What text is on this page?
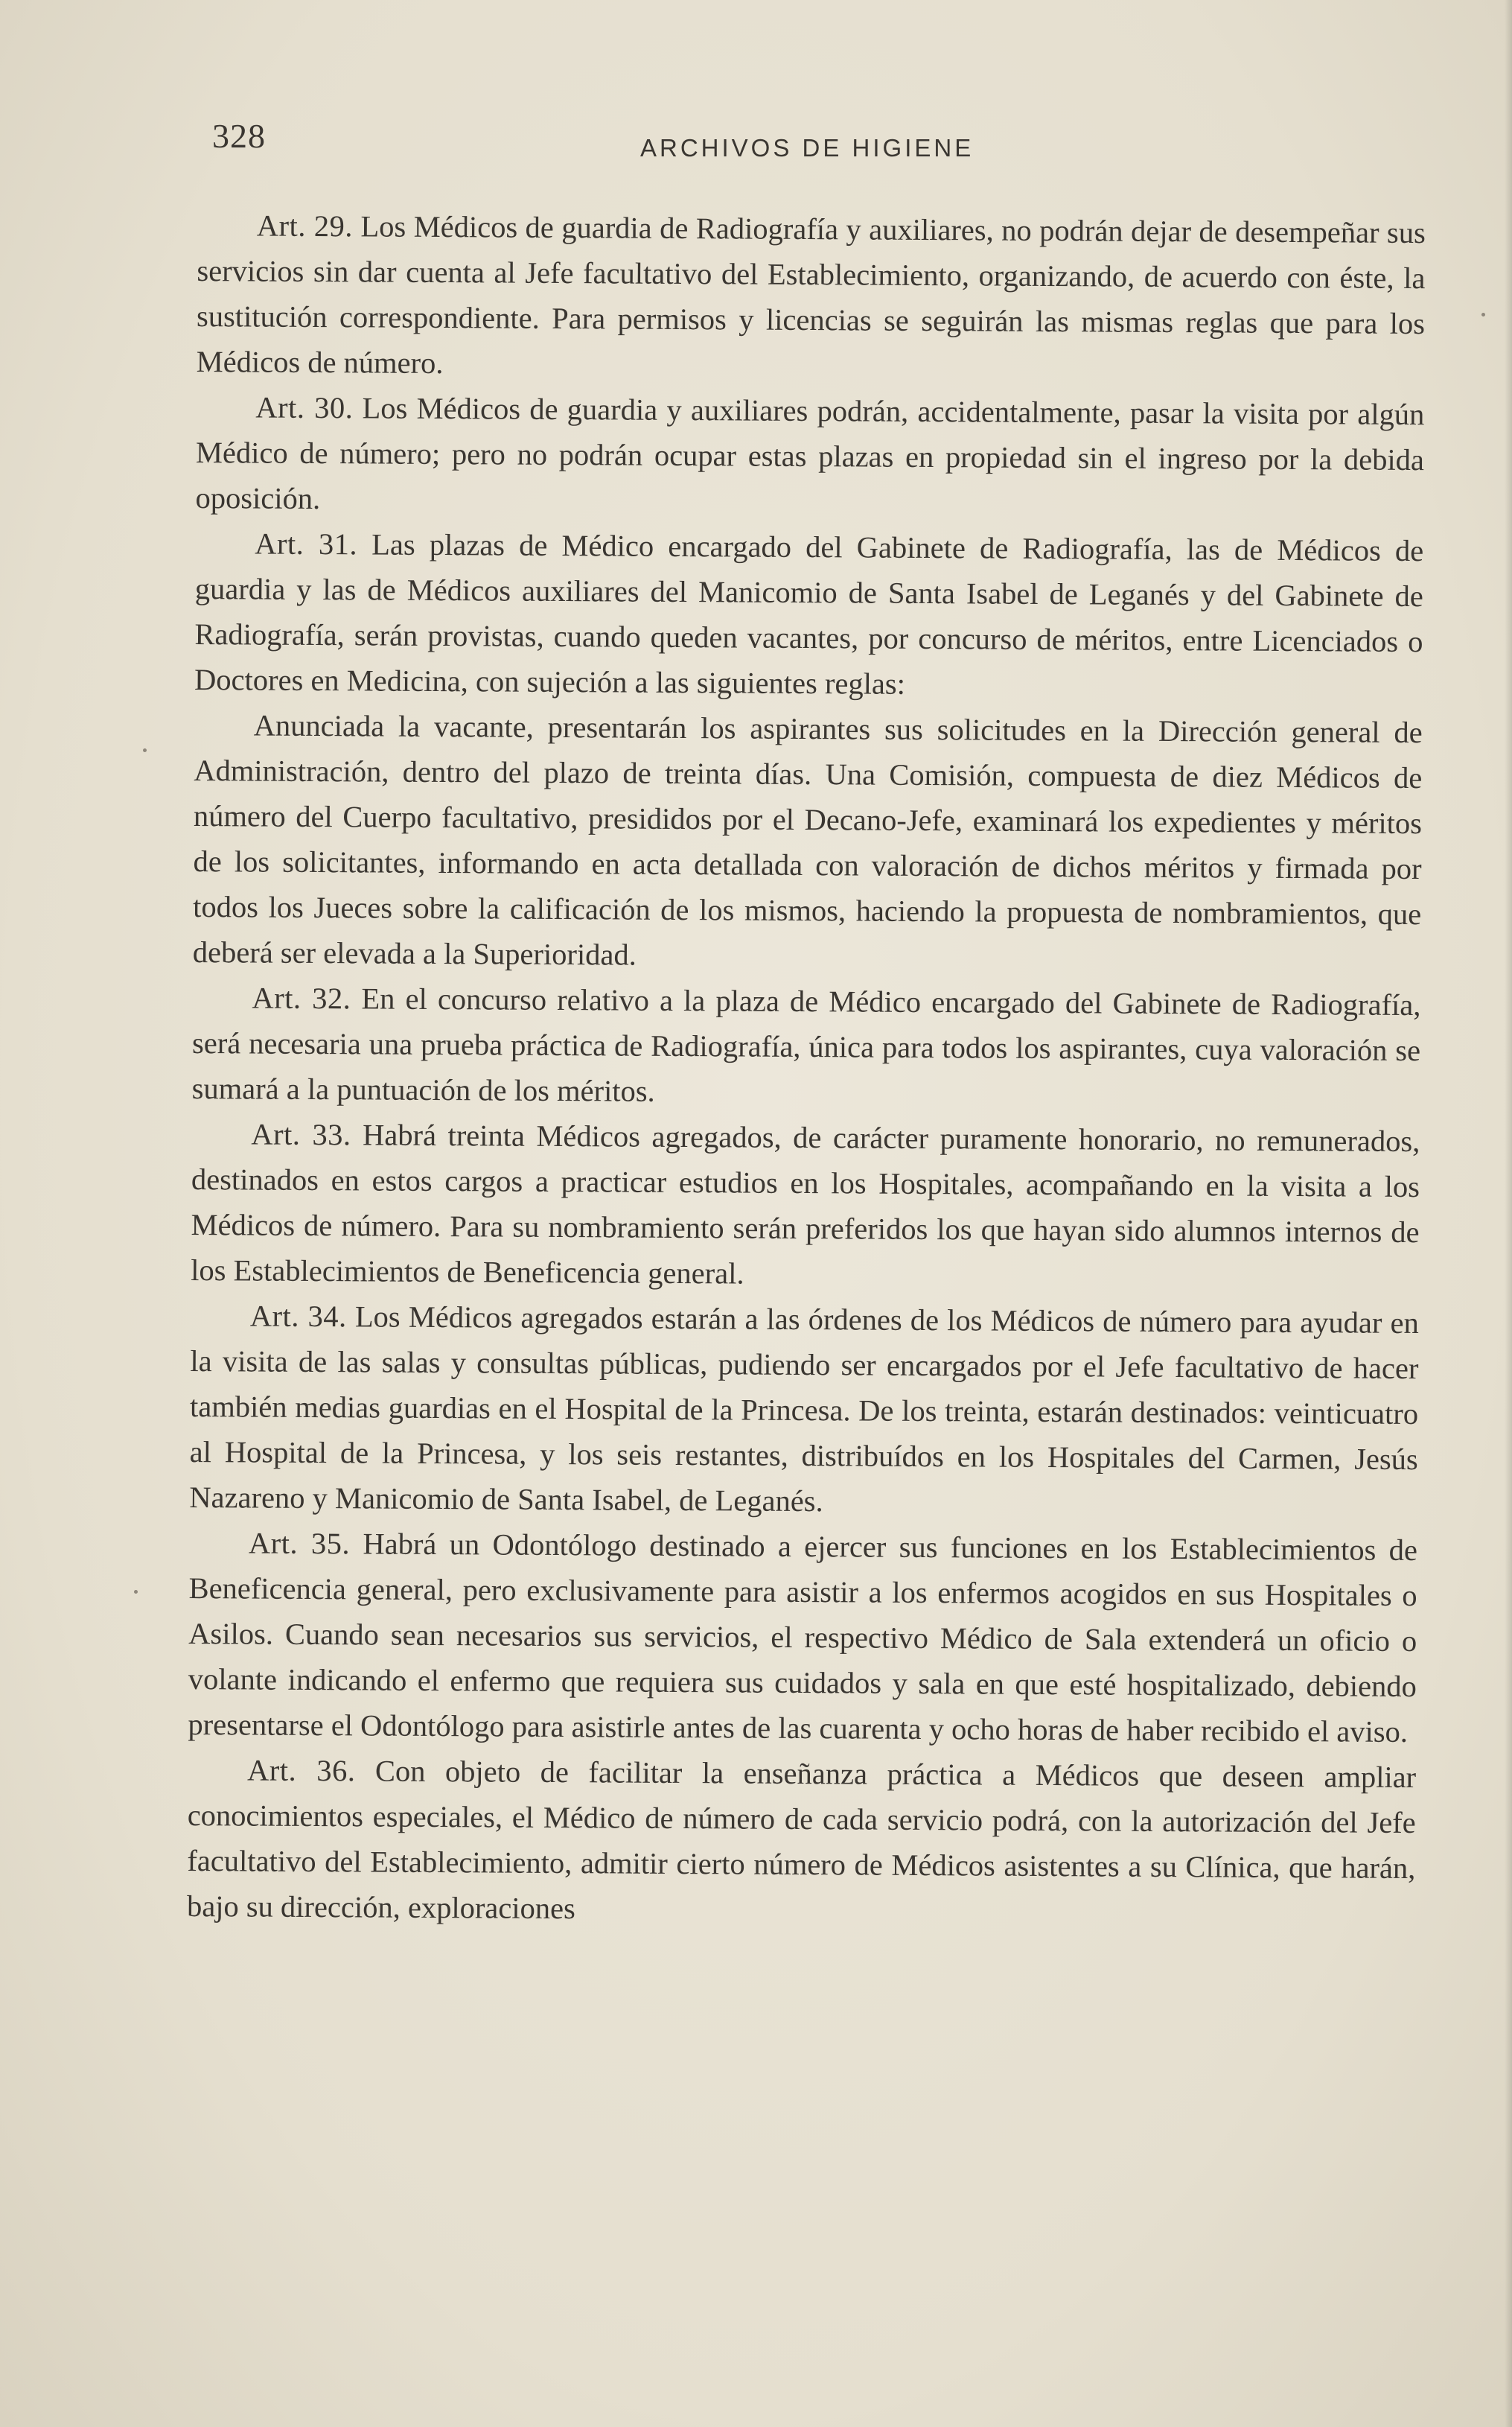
328	ARCHIVOS DE HIGIENE

Art. 29. Los Médicos de guardia de Radiografía y auxiliares, no podrán dejar de desempeñar sus servicios sin dar cuenta al Jefe facultativo del Establecimiento, organizando, de acuerdo con éste, la sustitución correspondiente. Para permisos y licencias se seguirán las mismas reglas que para los Médicos de número.

Art. 30. Los Médicos de guardia y auxiliares podrán, accidentalmente, pasar la visita por algún Médico de número; pero no podrán ocupar estas plazas en propiedad sin el ingreso por la debida oposición.

Art. 31. Las plazas de Médico encargado del Gabinete de Radiografía, las de Médicos de guardia y las de Médicos auxiliares del Manicomio de Santa Isabel de Leganés y del Gabinete de Radiografía, serán provistas, cuando queden vacantes, por concurso de méritos, entre Licenciados o Doctores en Medicina, con sujeción a las siguientes reglas:

Anunciada la vacante, presentarán los aspirantes sus solicitudes en la Dirección general de Administración, dentro del plazo de treinta días. Una Comisión, compuesta de diez Médicos de número del Cuerpo facultativo, presididos por el Decano-Jefe, examinará los expedientes y méritos de los solicitantes, informando en acta detallada con valoración de dichos méritos y firmada por todos los Jueces sobre la calificación de los mismos, haciendo la propuesta de nombramientos, que deberá ser elevada a la Superioridad.

Art. 32. En el concurso relativo a la plaza de Médico encargado del Gabinete de Radiografía, será necesaria una prueba práctica de Radiografía, única para todos los aspirantes, cuya valoración se sumará a la puntuación de los méritos.

Art. 33. Habrá treinta Médicos agregados, de carácter puramente honorario, no remunerados, destinados en estos cargos a practicar estudios en los Hospitales, acompañando en la visita a los Médicos de número. Para su nombramiento serán preferidos los que hayan sido alumnos internos de los Establecimientos de Beneficencia general.

Art. 34. Los Médicos agregados estarán a las órdenes de los Médicos de número para ayudar en la visita de las salas y consultas públicas, pudiendo ser encargados por el Jefe facultativo de hacer también medias guardias en el Hospital de la Princesa. De los treinta, estarán destinados: veinticuatro al Hospital de la Princesa, y los seis restantes, distribuídos en los Hospitales del Carmen, Jesús Nazareno y Manicomio de Santa Isabel, de Leganés.

Art. 35. Habrá un Odontólogo destinado a ejercer sus funciones en los Establecimientos de Beneficencia general, pero exclusivamente para asistir a los enfermos acogidos en sus Hospitales o Asilos. Cuando sean necesarios sus servicios, el respectivo Médico de Sala extenderá un oficio o volante indicando el enfermo que requiera sus cuidados y sala en que esté hospitalizado, debiendo presentarse el Odontólogo para asistirle antes de las cuarenta y ocho horas de haber recibido el aviso.

Art. 36. Con objeto de facilitar la enseñanza práctica a Médicos que deseen ampliar conocimientos especiales, el Médico de número de cada servicio podrá, con la autorización del Jefe facultativo del Establecimiento, admitir cierto número de Médicos asistentes a su Clínica, que harán, bajo su dirección, exploraciones
